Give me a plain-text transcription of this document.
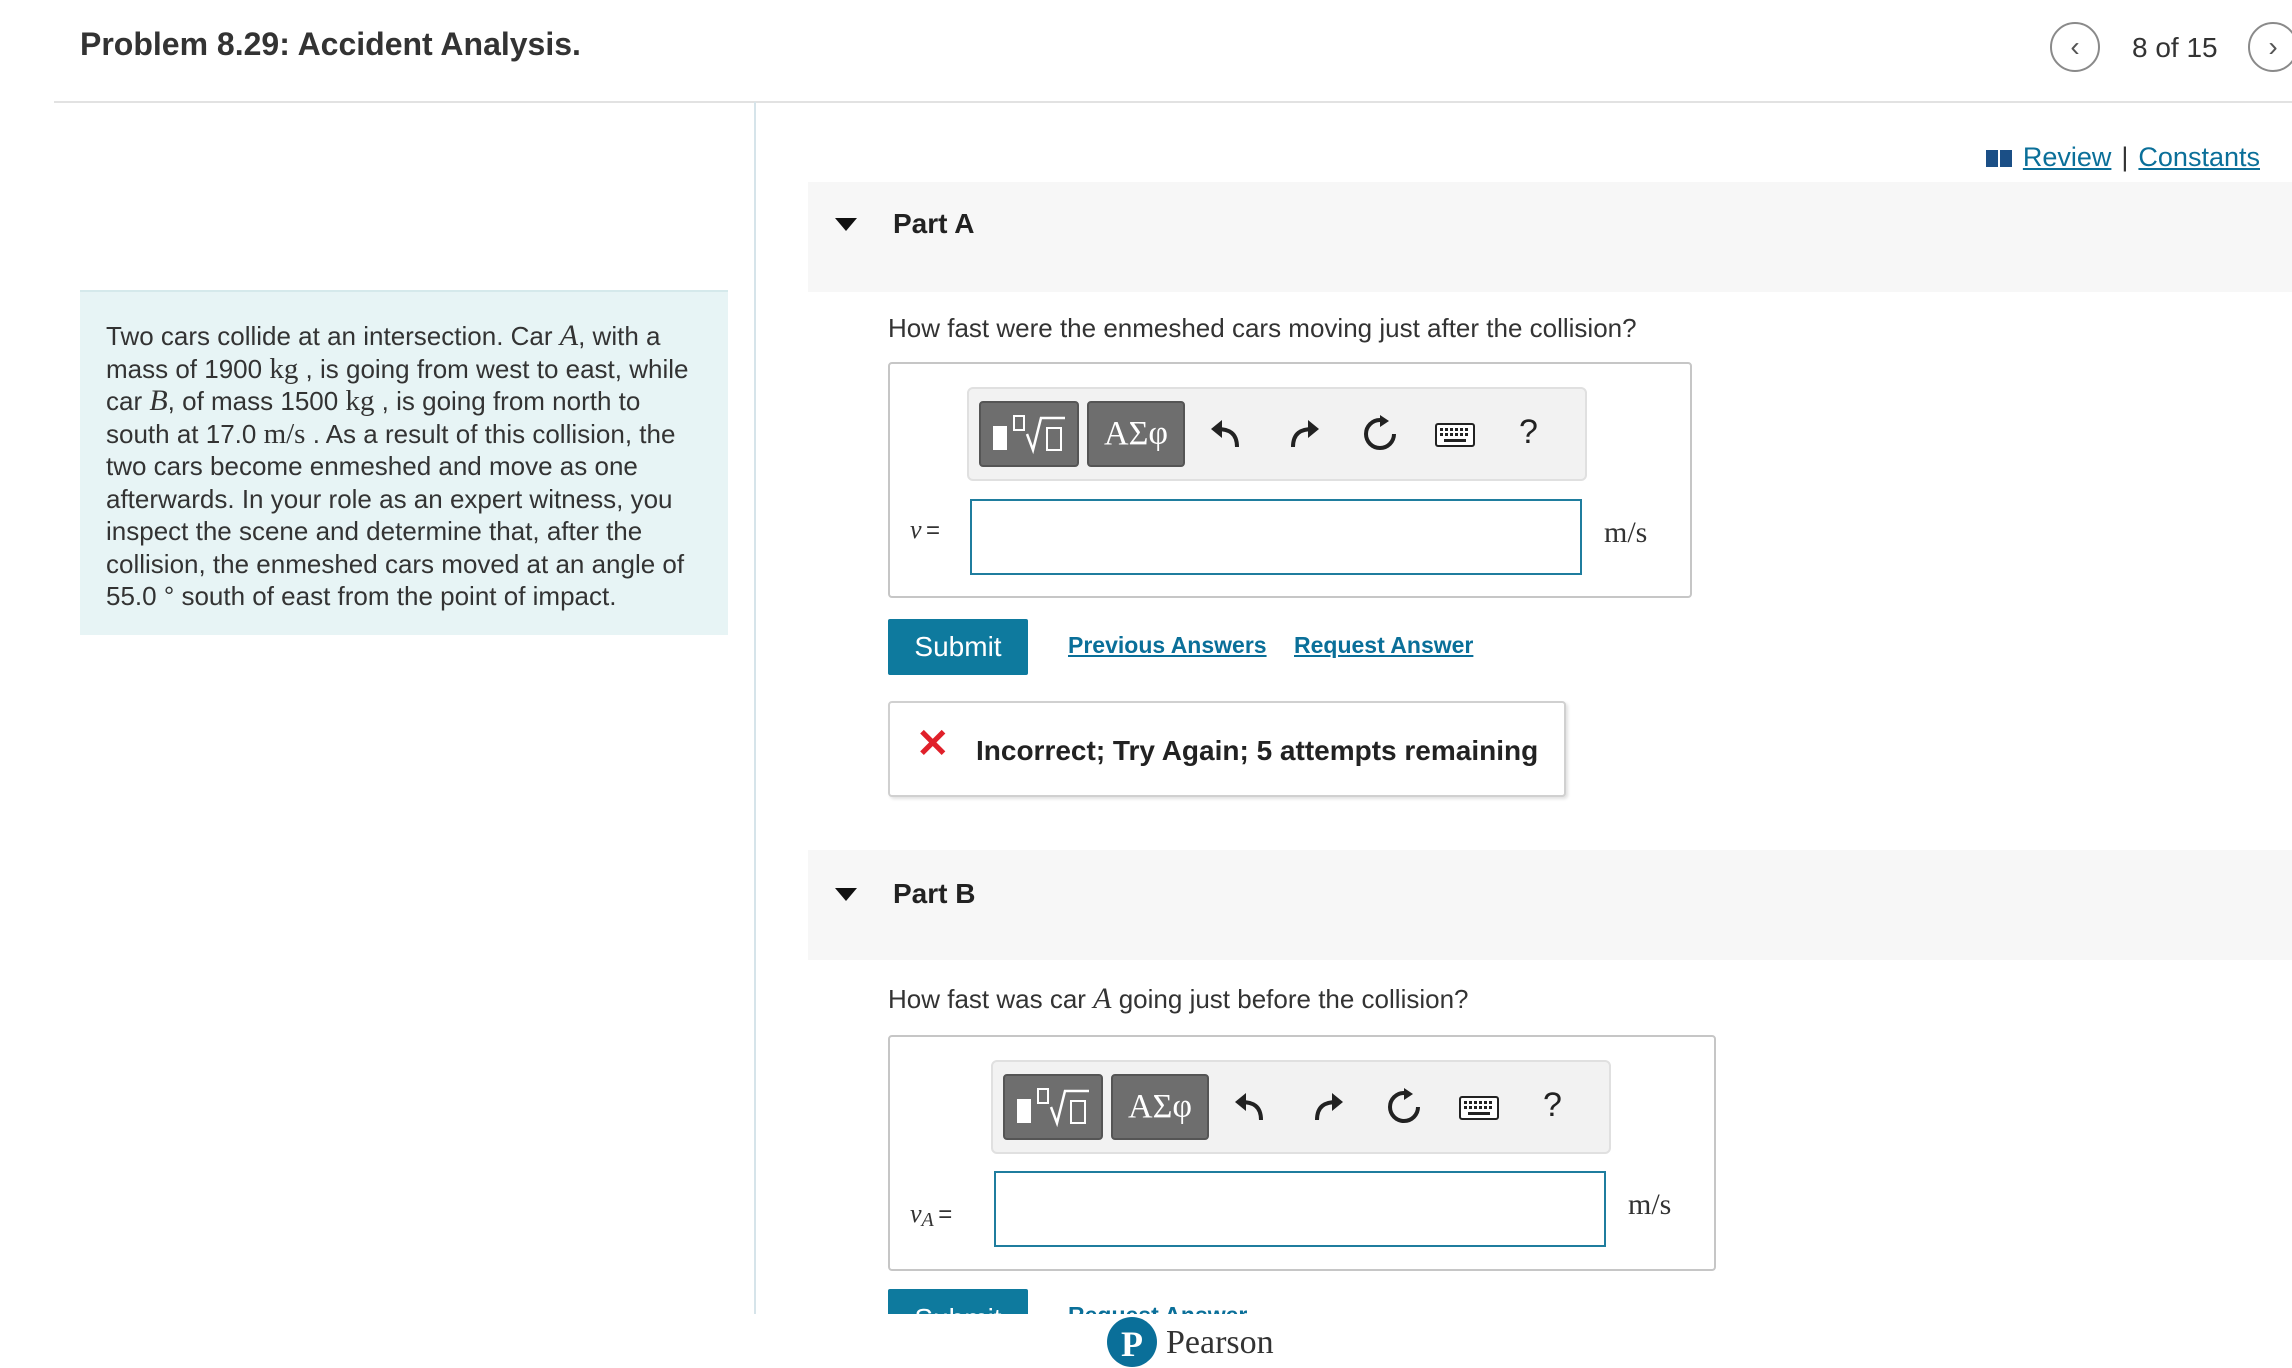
Problem 8.29: Accident Analysis.	‹ 8 of 15 ›
Review | Constants
Two cars collide at an intersection. Car A, with a mass of 1900 kg , is going from west to east, while car B, of mass 1500 kg , is going from north to south at 17.0 m/s . As a result of this collision, the two cars become enmeshed and move as one afterwards. In your role as an expert witness, you inspect the scene and determine that, after the collision, the enmeshed cars moved at an angle of 55.0 ° south of east from the point of impact.
Part A
How fast were the enmeshed cars moving just after the collision?
ΑΣφ	?
v =	m/s
Submit	Previous Answers Request Answer
✕ Incorrect; Try Again; 5 attempts remaining
Part B
How fast was car A going just before the collision?
ΑΣφ	?
$v_A$ =	m/s
P Pearson
